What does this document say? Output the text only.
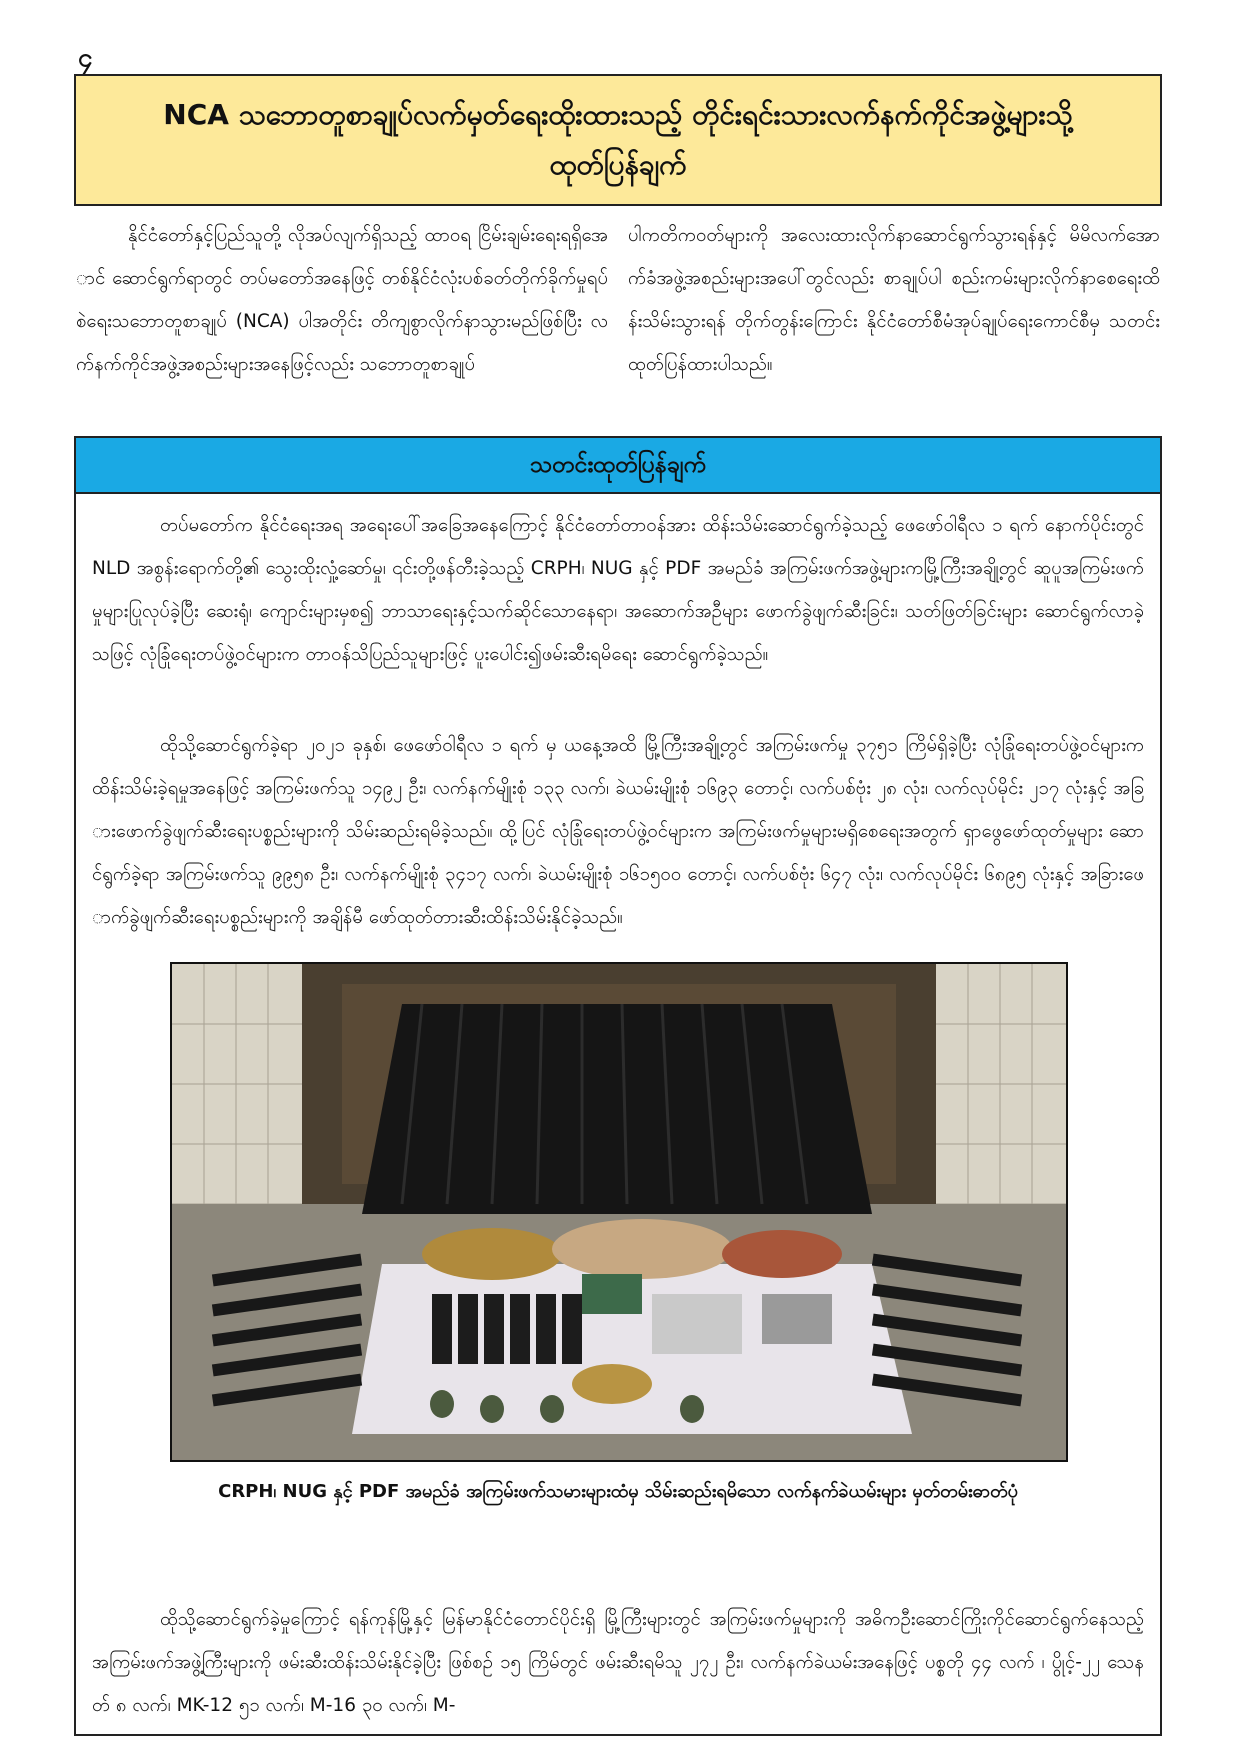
၄
NCA သဘောတူစာချုပ်လက်မှတ်ရေးထိုးထားသည့် တိုင်းရင်းသားလက်နက်ကိုင်အဖွဲ့များသို့
ထုတ်ပြန်ချက်
နိုင်ငံတော်နှင့်ပြည်သူတို့ လိုအပ်လျက်ရှိသည့် ထာဝရ ငြိမ်းချမ်းရေးရရှိအောင် ဆောင်ရွက်ရာတွင် တပ်မတော်အနေဖြင့် တစ်နိုင်ငံလုံးပစ်ခတ်တိုက်ခိုက်မှုရပ်စဲရေးသဘောတူစာချုပ် (NCA) ပါအတိုင်း တိကျစွာလိုက်နာသွားမည်ဖြစ်ပြီး လက်နက်ကိုင်အဖွဲ့အစည်းများအနေဖြင့်လည်း သဘောတူစာချုပ်
ပါကတိကဝတ်များကို အလေးထားလိုက်နာဆောင်ရွက်သွားရန်နှင့် မိမိလက်အောက်ခံအဖွဲ့အစည်းများအပေါ်တွင်လည်း စာချုပ်ပါ စည်းကမ်းများလိုက်နာစေရေးထိန်းသိမ်းသွားရန် တိုက်တွန်းကြောင်း နိုင်ငံတော်စီမံအုပ်ချုပ်ရေးကောင်စီမှ သတင်းထုတ်ပြန်ထားပါသည်။
သတင်းထုတ်ပြန်ချက်

တပ်မတော်က နိုင်ငံရေးအရ အရေးပေါ်အခြေအနေကြောင့် နိုင်ငံတော်တာဝန်အား ထိန်းသိမ်းဆောင်ရွက်ခဲ့သည့် ဖေဖော်ဝါရီလ ၁ ရက် နောက်ပိုင်းတွင် NLD အစွန်းရောက်တို့၏ သွေးထိုးလှုံ့ဆော်မှု၊ ၎င်းတို့ဖန်တီးခဲ့သည့် CRPH၊ NUG နှင့် PDF အမည်ခံ အကြမ်းဖက်အဖွဲ့များကမြို့ကြီးအချို့တွင် ဆူပူအကြမ်းဖက်မှုများပြုလုပ်ခဲ့ပြီး ဆေးရုံ၊ ကျောင်းများမှစ၍ ဘာသာရေးနှင့်သက်ဆိုင်သောနေရာ၊ အဆောက်အဦများ ဖောက်ခွဲဖျက်ဆီးခြင်း၊ သတ်ဖြတ်ခြင်းများ ဆောင်ရွက်လာခဲ့သဖြင့် လုံခြုံရေးတပ်ဖွဲ့ဝင်များက တာဝန်သိပြည်သူများဖြင့် ပူးပေါင်း၍ဖမ်းဆီးရမိရေး ဆောင်ရွက်ခဲ့သည်။

ထိုသို့ဆောင်ရွက်ခဲ့ရာ ၂၀၂၁ ခုနှစ်၊ ဖေဖော်ဝါရီလ ၁ ရက် မှ ယနေ့အထိ မြို့ကြီးအချို့တွင် အကြမ်းဖက်မှု ၃၇၅၁ ကြိမ်ရှိခဲ့ပြီး လုံခြုံရေးတပ်ဖွဲ့ဝင်များက ထိန်းသိမ်းခဲ့ရမှုအနေဖြင့် အကြမ်းဖက်သူ ၁၄၉၂ ဦး၊ လက်နက်မျိုးစုံ ၁၃၃ လက်၊ ခဲယမ်းမျိုးစုံ ၁၆၉၃ တောင့်၊ လက်ပစ်ဗုံး ၂၈ လုံး၊ လက်လုပ်မိုင်း ၂၁၇ လုံးနှင့် အခြားဖောက်ခွဲဖျက်ဆီးရေးပစ္စည်းများကို သိမ်းဆည်းရမိခဲ့သည်။ ထို့ပြင် လုံခြုံရေးတပ်ဖွဲ့ဝင်များက အကြမ်းဖက်မှုများမရှိစေရေးအတွက် ရှာဖွေဖော်ထုတ်မှုများ ဆောင်ရွက်ခဲ့ရာ အကြမ်းဖက်သူ ၉၉၅၈ ဦး၊ လက်နက်မျိုးစုံ ၃၄၁၇ လက်၊ ခဲယမ်းမျိုးစုံ ၁၆၁၅၀၀ တောင့်၊ လက်ပစ်ဗုံး ၆၄၇ လုံး၊ လက်လုပ်မိုင်း ၆၈၉၅ လုံးနှင့် အခြားဖောက်ခွဲဖျက်ဆီးရေးပစ္စည်းများကို အချိန်မီ ဖော်ထုတ်တားဆီးထိန်းသိမ်းနိုင်ခဲ့သည်။

CRPH၊ NUG နှင့် PDF အမည်ခံ အကြမ်းဖက်သမားများထံမှ သိမ်းဆည်းရမိသော လက်နက်ခဲယမ်းများ မှတ်တမ်းဓာတ်ပုံ

ထိုသို့ဆောင်ရွက်ခဲ့မှုကြောင့် ရန်ကုန်မြို့နှင့် မြန်မာနိုင်ငံတောင်ပိုင်းရှိ မြို့ကြီးများတွင် အကြမ်းဖက်မှုများကို အဓိကဦးဆောင်ကြိုးကိုင်ဆောင်ရွက်နေသည့် အကြမ်းဖက်အဖွဲ့ကြီးများကို ဖမ်းဆီးထိန်းသိမ်းနိုင်ခဲ့ပြီး ဖြစ်စဉ် ၁၅ ကြိမ်တွင် ဖမ်းဆီးရမိသူ ၂၇၂ ဦး၊ လက်နက်ခဲယမ်းအနေဖြင့် ပစ္စတို ၄၄ လက် ၊ ပွိုင့်-၂၂ သေနတ် ၈ လက်၊ MK-12 ၅၁ လက်၊ M-16 ၃၀ လက်၊ M-
